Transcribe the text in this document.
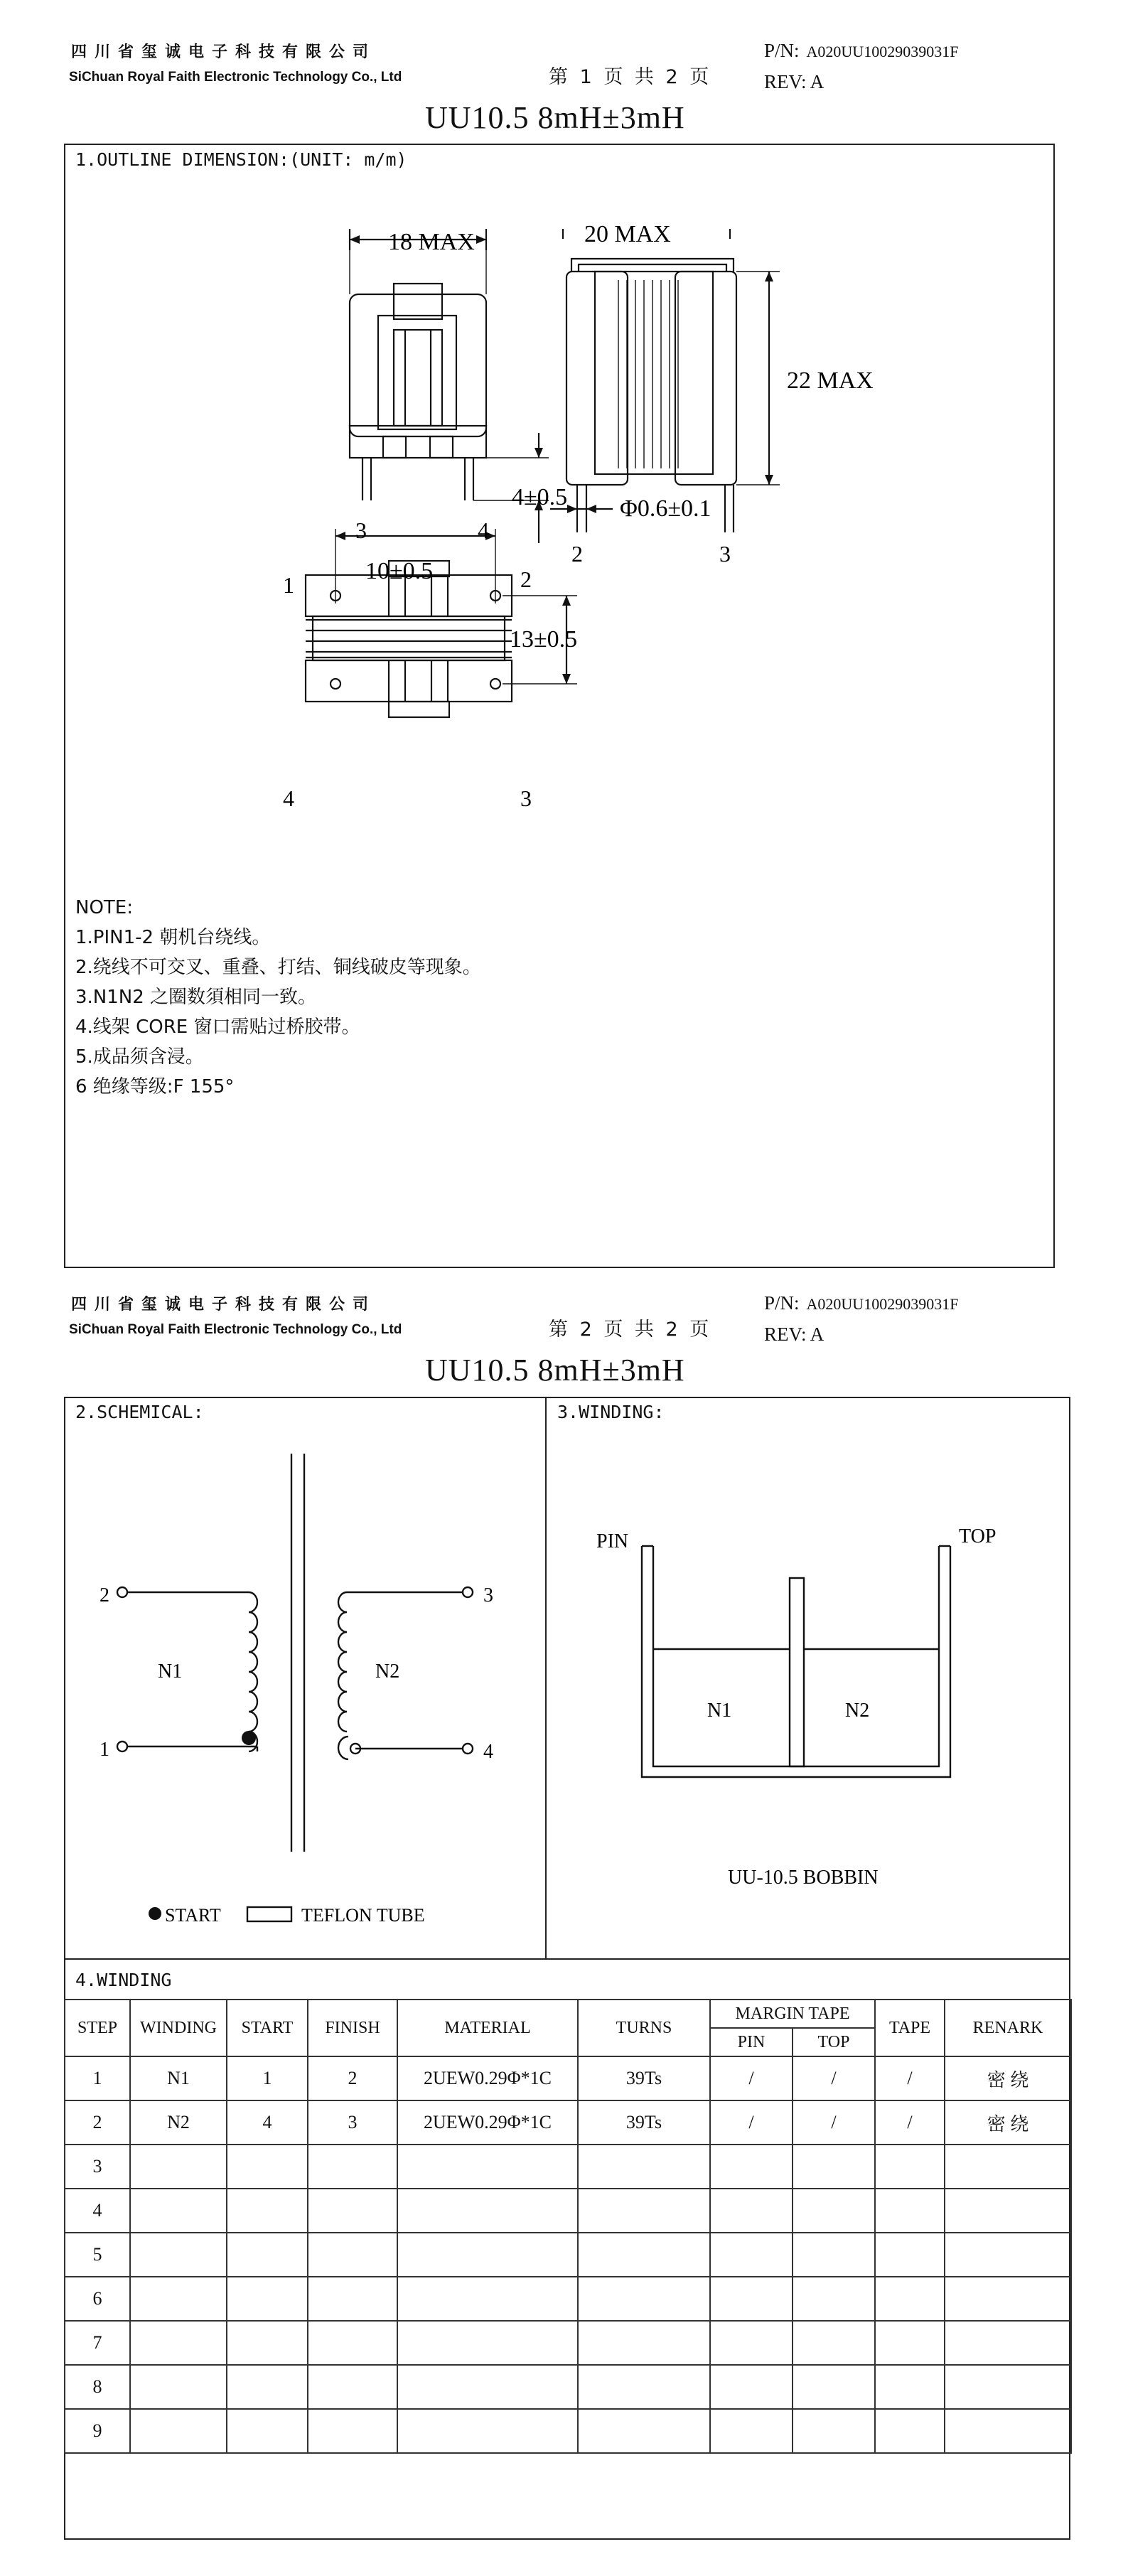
四川省玺诚电子科技有限公司
SiChuan Royal Faith Electronic Technology Co., Ltd	第 1 页 共 2 页
P/N: A020UU10029039031F
REV: A
UU10.5 8mH±3mH
1.OUTLINE DIMENSION:(UNIT: m/m)
18 MAX
4±0.5
3	4
20 MAX
22 MAX
Φ0.6±0.1
2	3
10±0.5
13±0.5
1	2
4	3
NOTE:
1.PIN1-2 朝机台绕线。
2.绕线不可交叉、重叠、打结、铜线破皮等现象。
3.N1N2 之圈数須相同一致。
4.线架 CORE 窗口需贴过桥胶带。
5.成品须含浸。
6 绝缘等级:F 155°
四川省玺诚电子科技有限公司
SiChuan Royal Faith Electronic Technology Co., Ltd	第 2 页 共 2 页
P/N: A020UU10029039031F
REV: A
UU10.5 8mH±3mH
2.SCHEMICAL:	3.WINDING:
2
1
3
4
N1	N2
START	TEFLON TUBE
PIN	TOP
N1	N2
UU-10.5 BOBBIN
4.WINDING
STEP	WINDING	START	FINISH	MATERIAL	TURNS	MARGIN TAPE		TAPE	RENARK
						PIN	TOP		
1	N1	1	2	2UEW0.29Φ*1C	39Ts	/	/	/	密 绕
2	N2	4	3	2UEW0.29Φ*1C	39Ts	/	/	/	密 绕
3									
4									
5									
6									
7									
8									
9									
